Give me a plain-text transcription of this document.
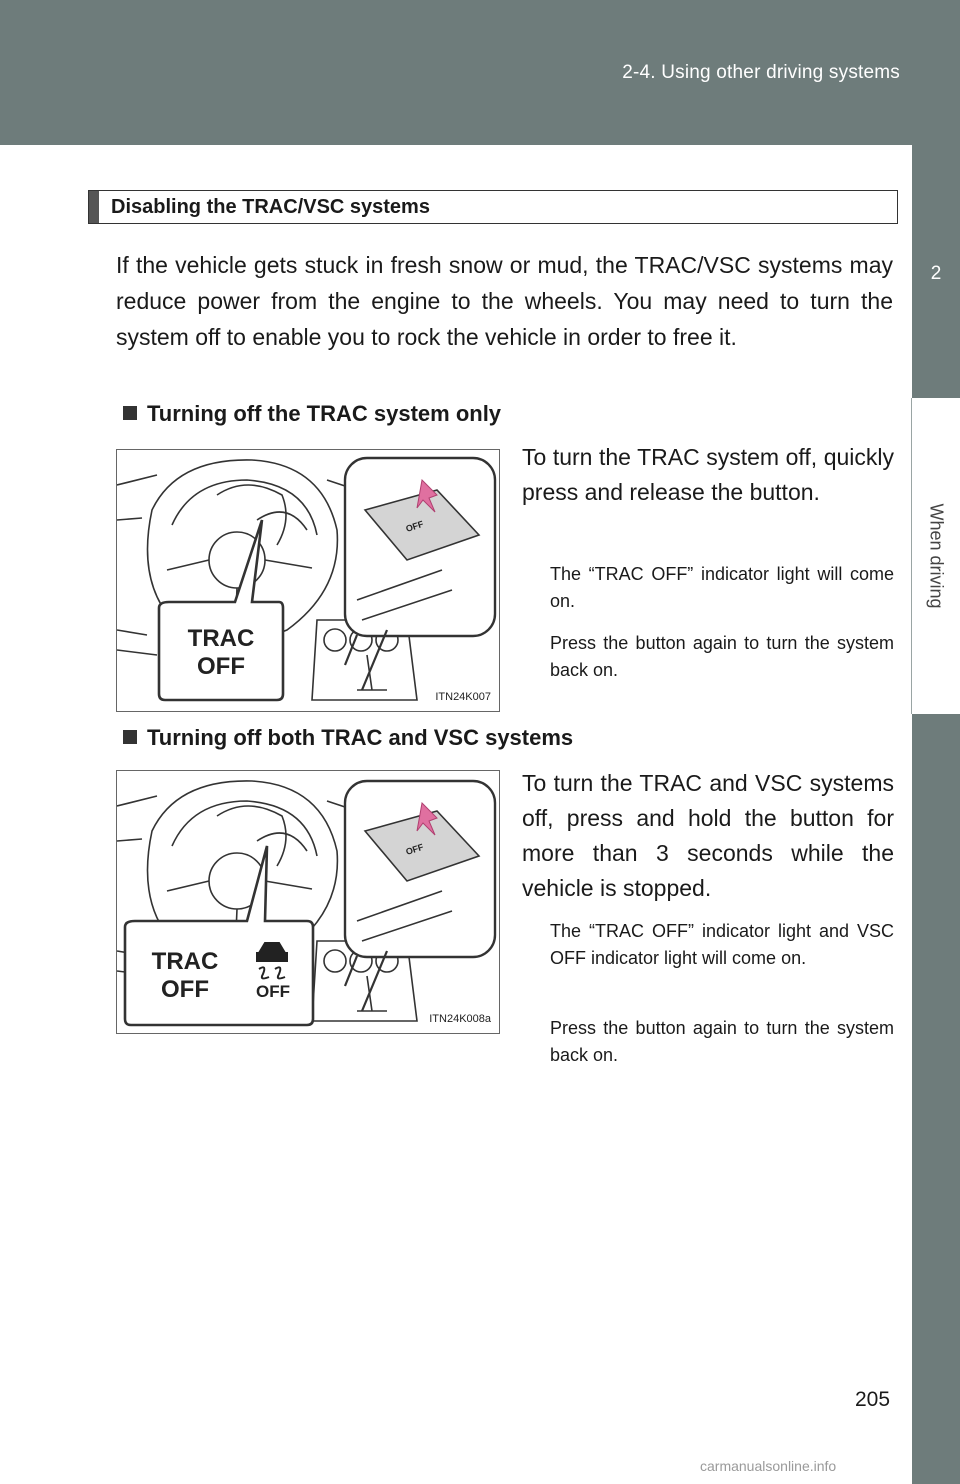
2-4. Using other driving systems
2
When driving
Disabling the TRAC/VSC systems
If the vehicle gets stuck in fresh snow or mud, the TRAC/VSC systems may reduce power from the engine to the wheels. You may need to turn the system off to enable you to rock the vehicle in order to free it.
Turning off the TRAC system only
OFF
TRAC
OFF
ITN24K007
To turn the TRAC system off, quickly press and release the button.
The “TRAC OFF” indicator light will come on.
Press the button again to turn the system back on.
Turning off both TRAC and VSC systems
OFF
TRAC
OFF	OFF
ITN24K008a
To turn the TRAC and VSC systems off, press and hold the button for more than 3 seconds while the vehicle is stopped.
The “TRAC OFF” indicator light and VSC OFF indicator light will come on.
Press the button again to turn the system back on.
205
carmanualsonline.info
